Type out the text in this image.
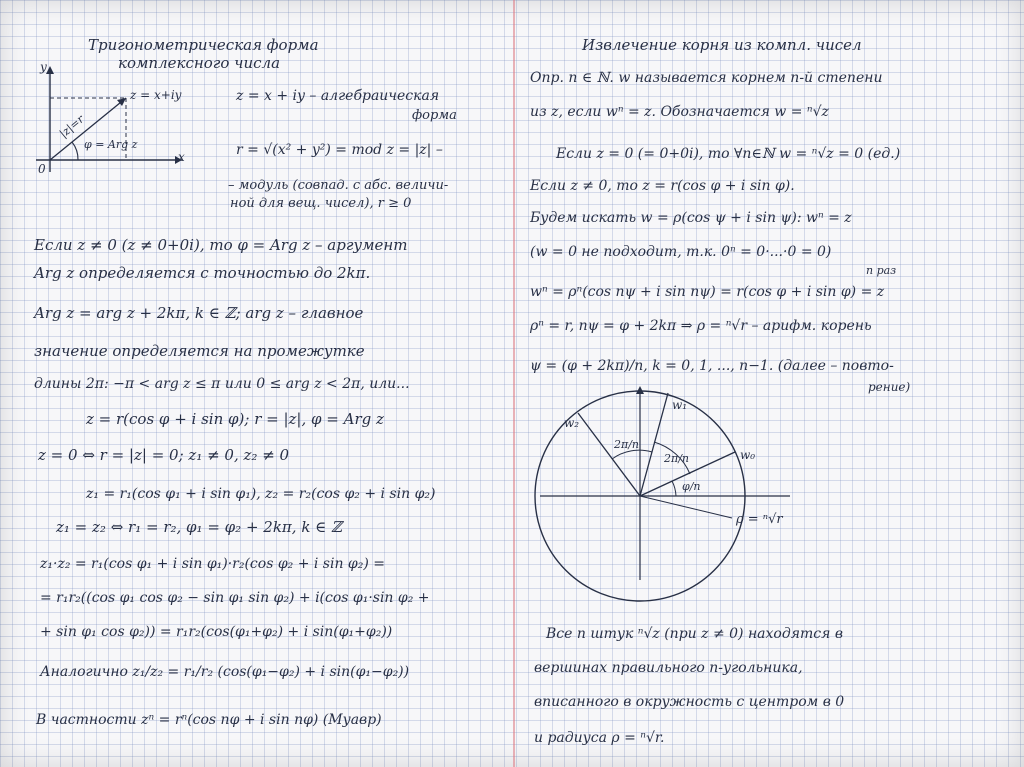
Тригонометрическая форма
комплексного числа
y
x
0
z = x+iy
|z|=r
φ = Arg z
z = x + iy – алгебраическая
форма
r = √(x² + y²) = mod z = |z| –
– модуль (совпад. с абс. величи-
ной для вещ. чисел), r ≥ 0
Если z ≠ 0 (z ≠ 0+0i), то φ = Arg z – аргумент
Arg z определяется с точностью до 2kπ.
Arg z = arg z + 2kπ, k ∈ ℤ; arg z – главное
значение определяется на промежутке
длины 2π: −π < arg z ≤ π или 0 ≤ arg z < 2π, или...
z = r(cos φ + i sin φ); r = |z|, φ = Arg z
z = 0 ⇔ r = |z| = 0; z₁ ≠ 0, z₂ ≠ 0
z₁ = r₁(cos φ₁ + i sin φ₁), z₂ = r₂(cos φ₂ + i sin φ₂)
z₁ = z₂ ⇔ r₁ = r₂, φ₁ = φ₂ + 2kπ, k ∈ ℤ
z₁·z₂ = r₁(cos φ₁ + i sin φ₁)·r₂(cos φ₂ + i sin φ₂) =
= r₁r₂((cos φ₁ cos φ₂ − sin φ₁ sin φ₂) + i(cos φ₁·sin φ₂ +
+ sin φ₁ cos φ₂)) = r₁r₂(cos(φ₁+φ₂) + i sin(φ₁+φ₂))
Аналогично z₁/z₂ = r₁/r₂ (cos(φ₁−φ₂) + i sin(φ₁−φ₂))
В частности zⁿ = rⁿ(cos nφ + i sin nφ) (Муавр)
Извлечение корня из компл. чисел
Опр. n ∈ ℕ. w называется корнем n-й степени
из z, если wⁿ = z. Обозначается w = ⁿ√z
Если z = 0 (= 0+0i), то ∀n∈ℕ w = ⁿ√z = 0 (ед.)
Если z ≠ 0, то z = r(cos φ + i sin φ).
Будем искать w = ρ(cos ψ + i sin ψ): wⁿ = z
(w = 0 не подходит, т.к. 0ⁿ = 0·...·0 = 0)
n раз
wⁿ = ρⁿ(cos nψ + i sin nψ) = r(cos φ + i sin φ) = z
ρⁿ = r, nψ = φ + 2kπ ⇒ ρ = ⁿ√r – арифм. корень
ψ = (φ + 2kπ)/n, k = 0, 1, ..., n−1. (далее – повто-
рение)
w₀
w₁
w₂
2π/n
2π/n
φ/n
ρ = ⁿ√r
Все n штук ⁿ√z (при z ≠ 0) находятся в
вершинах правильного n-угольника,
вписанного в окружность с центром в 0
и радиуса ρ = ⁿ√r.
